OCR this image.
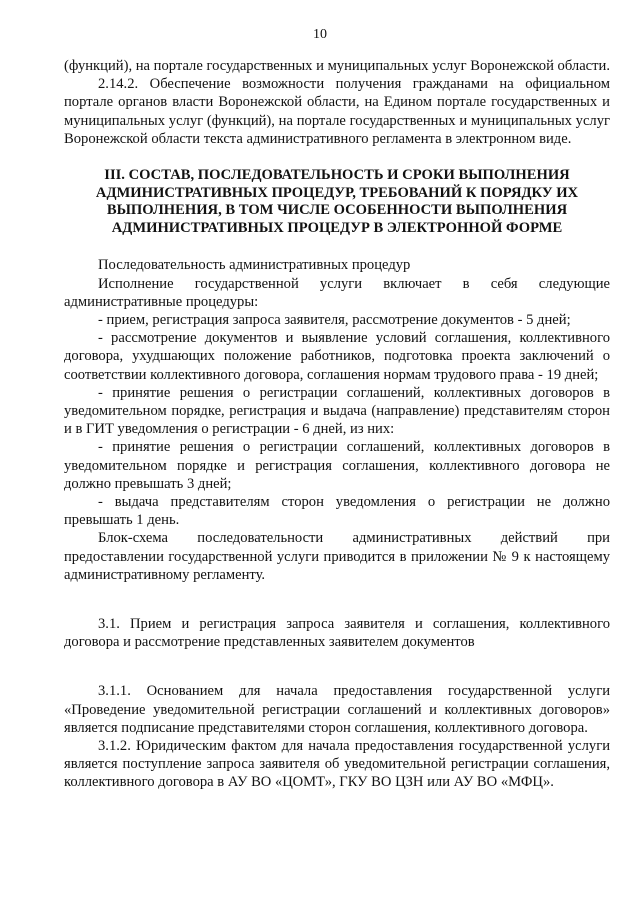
10

(функций), на портале государственных и муниципальных услуг Воронежской области.

2.14.2. Обеспечение возможности получения гражданами на официальном портале органов власти Воронежской области, на Едином портале государственных и муниципальных услуг (функций), на портале государственных и муниципальных услуг Воронежской области текста административного регламента в электронном виде.

III. СОСТАВ, ПОСЛЕДОВАТЕЛЬНОСТЬ И СРОКИ ВЫПОЛНЕНИЯ АДМИНИСТРАТИВНЫХ ПРОЦЕДУР, ТРЕБОВАНИЙ К ПОРЯДКУ ИХ ВЫПОЛНЕНИЯ, В ТОМ ЧИСЛЕ ОСОБЕННОСТИ ВЫПОЛНЕНИЯ АДМИНИСТРАТИВНЫХ ПРОЦЕДУР В ЭЛЕКТРОННОЙ ФОРМЕ

Последовательность административных процедур

Исполнение государственной услуги включает в себя следующие административные процедуры:

- прием, регистрация запроса заявителя, рассмотрение документов - 5 дней;

- рассмотрение документов и выявление условий соглашения, коллективного договора, ухудшающих положение работников, подготовка проекта заключений о соответствии коллективного договора, соглашения нормам трудового права - 19 дней;

- принятие решения о регистрации соглашений, коллективных договоров в уведомительном порядке, регистрация и выдача (направление) представителям сторон и в ГИТ уведомления о регистрации - 6 дней, из них:

- принятие решения о регистрации соглашений, коллективных договоров в уведомительном порядке и регистрация соглашения, коллективного договора не должно превышать 3 дней;

- выдача представителям сторон уведомления о регистрации не должно превышать 1 день.

Блок-схема последовательности административных действий при предоставлении государственной услуги приводится в приложении № 9 к настоящему административному регламенту.

3.1. Прием и регистрация запроса заявителя и соглашения, коллективного договора и рассмотрение представленных заявителем документов

3.1.1. Основанием для начала предоставления государственной услуги «Проведение уведомительной регистрации соглашений и коллективных договоров» является подписание представителями сторон соглашения, коллективного договора.

3.1.2. Юридическим фактом для начала предоставления государственной услуги является поступление запроса заявителя об уведомительной регистрации соглашения, коллективного договора в АУ ВО «ЦОМТ», ГКУ ВО ЦЗН или АУ ВО «МФЦ».
